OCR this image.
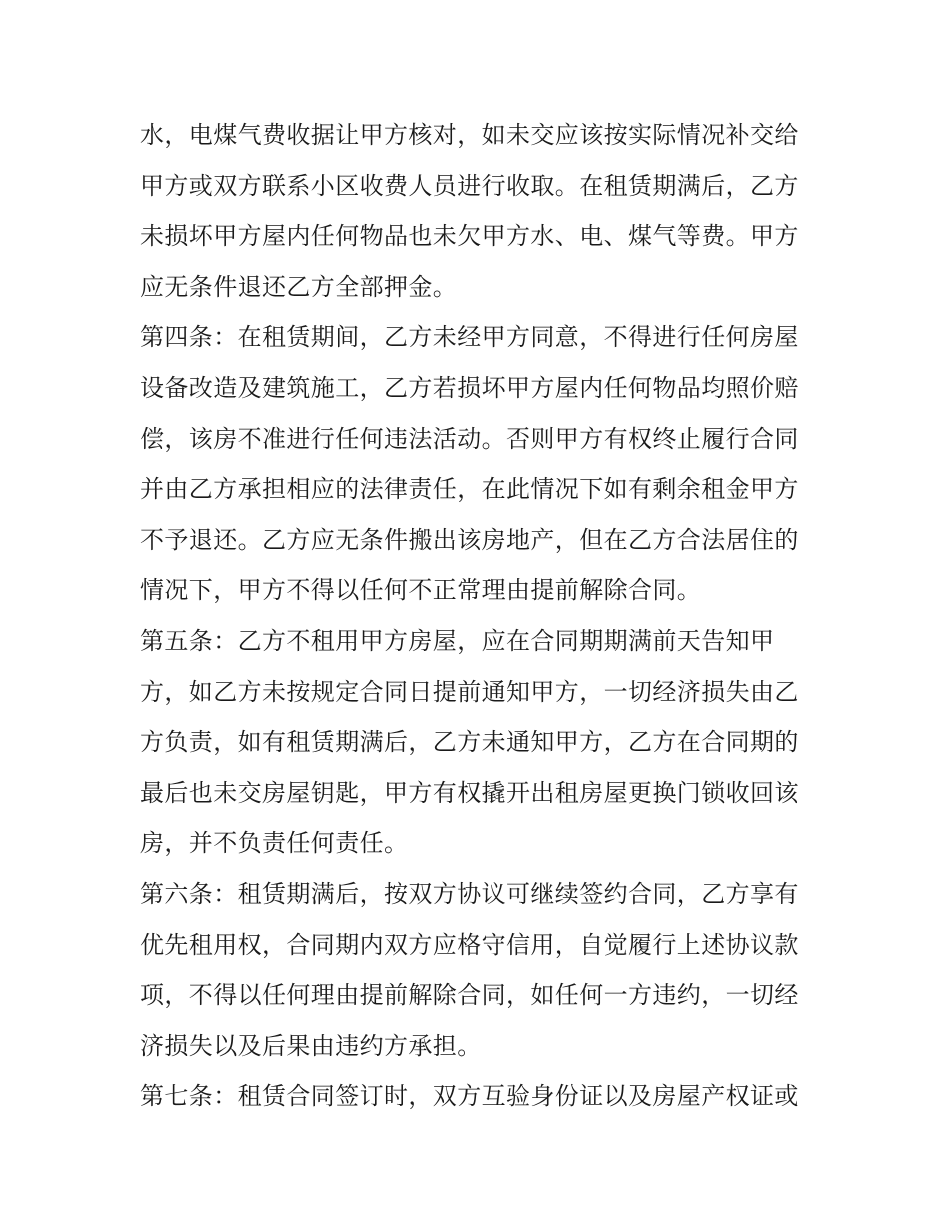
水，电煤气费收据让甲方核对，如未交应该按实际情况补交给
甲方或双方联系小区收费人员进行收取。在租赁期满后，乙方
未损坏甲方屋内任何物品也未欠甲方水、电、煤气等费。甲方
应无条件退还乙方全部押金。
第四条：在租赁期间，乙方未经甲方同意，不得进行任何房屋
设备改造及建筑施工，乙方若损坏甲方屋内任何物品均照价赔
偿，该房不准进行任何违法活动。否则甲方有权终止履行合同
并由乙方承担相应的法律责任，在此情况下如有剩余租金甲方
不予退还。乙方应无条件搬出该房地产，但在乙方合法居住的
情况下，甲方不得以任何不正常理由提前解除合同。
第五条：乙方不租用甲方房屋，应在合同期期满前天告知甲
方，如乙方未按规定合同日提前通知甲方，一切经济损失由乙
方负责，如有租赁期满后，乙方未通知甲方，乙方在合同期的
最后也未交房屋钥匙，甲方有权撬开出租房屋更换门锁收回该
房，并不负责任何责任。
第六条：租赁期满后，按双方协议可继续签约合同，乙方享有
优先租用权，合同期内双方应格守信用，自觉履行上述协议款
项，不得以任何理由提前解除合同，如任何一方违约，一切经
济损失以及后果由违约方承担。
第七条：租赁合同签订时，双方互验身份证以及房屋产权证或
